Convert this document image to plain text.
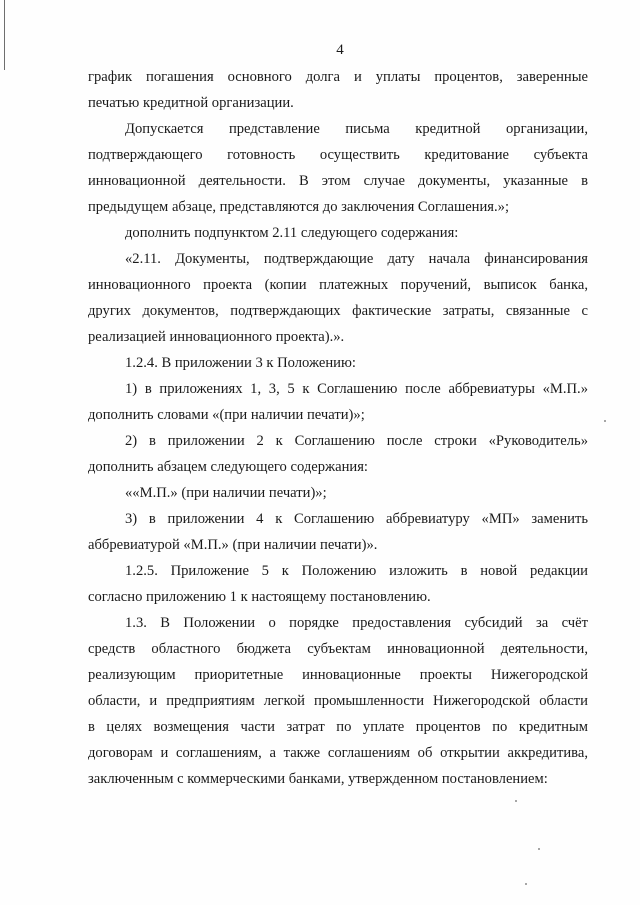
4
график погашения основного долга и уплаты процентов, заверенные
печатью кредитной организации.
Допускается представление письма кредитной организации,
подтверждающего готовность осуществить кредитование субъекта
инновационной деятельности. В этом случае документы, указанные в
предыдущем абзаце, представляются до заключения Соглашения.»;
дополнить подпунктом 2.11 следующего содержания:
«2.11. Документы, подтверждающие дату начала финансирования
инновационного проекта (копии платежных поручений, выписок банка,
других документов, подтверждающих фактические затраты, связанные с
реализацией инновационного проекта).».
1.2.4. В приложении 3 к Положению:
1) в приложениях 1, 3, 5 к Соглашению после аббревиатуры «М.П.»
дополнить словами «(при наличии печати)»;
2) в приложении 2 к Соглашению после строки «Руководитель»
дополнить абзацем следующего содержания:
««М.П.» (при наличии печати)»;
3) в приложении 4 к Соглашению аббревиатуру «МП» заменить
аббревиатурой «М.П.» (при наличии печати)».
1.2.5. Приложение 5 к Положению изложить в новой редакции
согласно приложению 1 к настоящему постановлению.
1.3. В Положении о порядке предоставления субсидий за счёт
средств областного бюджета субъектам инновационной деятельности,
реализующим приоритетные инновационные проекты Нижегородской
области, и предприятиям легкой промышленности Нижегородской области
в целях возмещения части затрат по уплате процентов по кредитным
договорам и соглашениям, а также соглашениям об открытии аккредитива,
заключенным с коммерческими банками, утвержденном постановлением:
